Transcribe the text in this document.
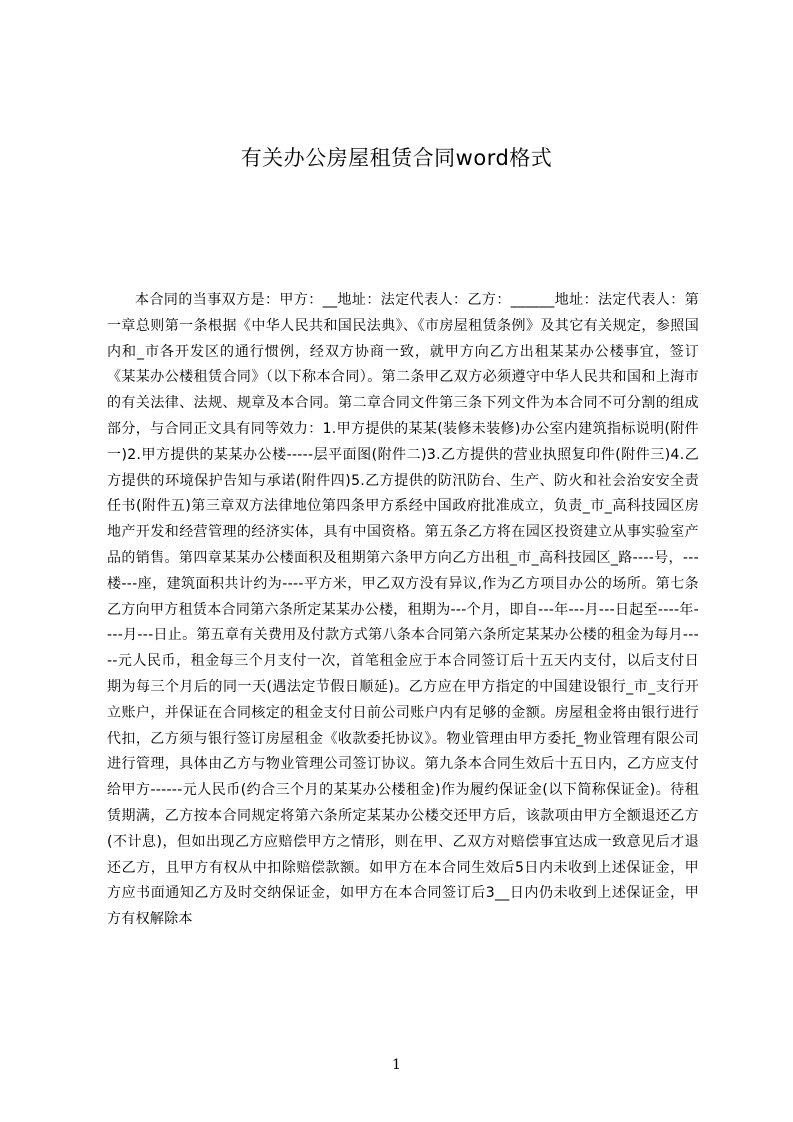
有关办公房屋租赁合同word格式

本合同的当事双方是：甲方：__地址：法定代表人：乙方：______地址：法定代表人：第一章总则第一条根据《中华人民共和国民法典》、《市房屋租赁条例》及其它有关规定，参照国内和_市各开发区的通行惯例，经双方协商一致，就甲方向乙方出租某某办公楼事宜，签订《某某办公楼租赁合同》（以下称本合同）。第二条甲乙双方必须遵守中华人民共和国和上海市的有关法律、法规、规章及本合同。第二章合同文件第三条下列文件为本合同不可分割的组成部分，与合同正文具有同等效力：1.甲方提供的某某(装修未装修)办公室内建筑指标说明(附件一)2.甲方提供的某某办公楼-----层平面图(附件二)3.乙方提供的营业执照复印件(附件三)4.乙方提供的环境保护告知与承诺(附件四)5.乙方提供的防汛防台、生产、防火和社会治安安全责任书(附件五)第三章双方法律地位第四条甲方系经中国政府批准成立，负责_市_高科技园区房地产开发和经营管理的经济实体，具有中国资格。第五条乙方将在园区投资建立从事实验室产品的销售。第四章某某办公楼面积及租期第六条甲方向乙方出租_市_高科技园区_路----号，---楼---座，建筑面积共计约为----平方米，甲乙双方没有异议,作为乙方项目办公的场所。第七条乙方向甲方租赁本合同第六条所定某某办公楼，租期为---个月，即自---年---月---日起至----年----月---日止。第五章有关费用及付款方式第八条本合同第六条所定某某办公楼的租金为每月-----元人民币，租金每三个月支付一次，首笔租金应于本合同签订后十五天内支付，以后支付日期为每三个月后的同一天(遇法定节假日顺延)。乙方应在甲方指定的中国建设银行_市_支行开立账户，并保证在合同核定的租金支付日前公司账户内有足够的金额。房屋租金将由银行进行代扣，乙方须与银行签订房屋租金《收款委托协议》。物业管理由甲方委托_物业管理有限公司进行管理，具体由乙方与物业管理公司签订协议。第九条本合同生效后十五日内，乙方应支付给甲方------元人民币(约合三个月的某某办公楼租金)作为履约保证金(以下简称保证金)。待租赁期满，乙方按本合同规定将第六条所定某某办公楼交还甲方后，该款项由甲方全额退还乙方(不计息)，但如出现乙方应赔偿甲方之情形，则在甲、乙双方对赔偿事宜达成一致意见后才退还乙方，且甲方有权从中扣除赔偿款额。如甲方在本合同生效后5日内未收到上述保证金，甲方应书面通知乙方及时交纳保证金，如甲方在本合同签订后3__日内仍未收到上述保证金，甲方有权解除本

1
